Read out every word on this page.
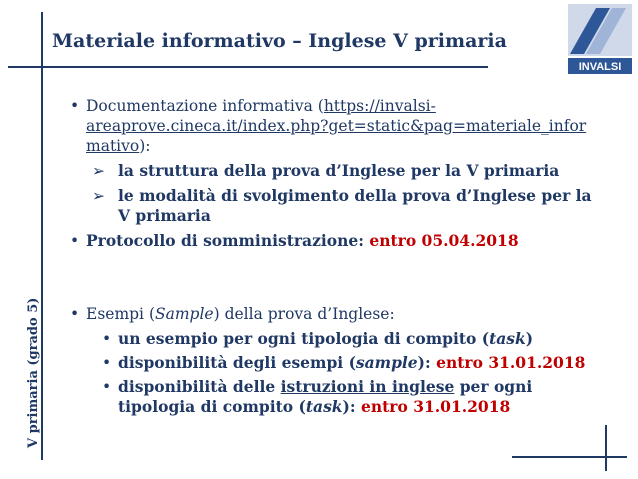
Materiale informativo – Inglese V primaria
V primaria (grado 5)
INVALSI
• Documentazione informativa (https://invalsi-
areaprove.cineca.it/index.php?get=static&pag=materiale_infor
mativo):
➢ la struttura della prova d’Inglese per la V primaria
➢ le modalità di svolgimento della prova d’Inglese per la V primaria
• Protocollo di somministrazione: entro 05.04.2018
• Esempi (Sample) della prova d’Inglese:
• un esempio per ogni tipologia di compito (task)
• disponibilità degli esempi (sample): entro 31.01.2018
• disponibilità delle istruzioni in inglese per ogni tipologia di compito (task): entro 31.01.2018
